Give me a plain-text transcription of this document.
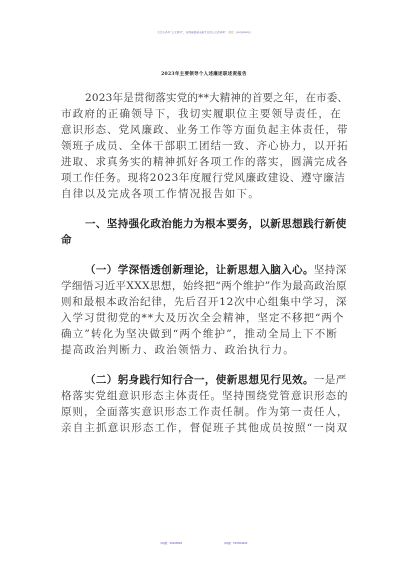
关注头条号“公文研究”，获得最新最全最专业的公文资料库！ 微信：gongwenyj
2023年主要领导个人述廉述职述责报告
2023年是贯彻落实党的**大精神的首要之年，在市委、
市政府的正确领导下，我切实履职位主要领导责任，在
意识形态、党风廉政、业务工作等方面负起主体责任，带
领班子成员、全体干部职工团结一致、齐心协力，以开拓
进取、求真务实的精神抓好各项工作的落实，圆满完成各
项工作任务。现将2023年度履行党风廉政建设、遵守廉洁
自律以及完成各项工作情况报告如下。
一、坚持强化政治能力为根本要务，以新思想践行新使
命
（一）学深悟透创新理论，让新思想入脑入心。坚持深
学细悟习近平XXX思想，始终把“两个维护”作为最高政治原
则和最根本政治纪律，先后召开12次中心组集中学习，深
入学习贯彻党的**大及历次全会精神，坚定不移把“两个
确立”转化为坚决做到“两个维护”，推动全局上下不断
提高政治判断力、政治领悟力、政治执行力。
（二）躬身践行知行合一，使新思想见行见效。一是严
格落实党组意识形态主体责任。坚持围绕党管意识形态的
原则，全面落实意识形态工作责任制。作为第一责任人，
亲自主抓意识形态工作，督促班子其他成员按照“一岗双
QQ群：30265665	QQ群：535304092
